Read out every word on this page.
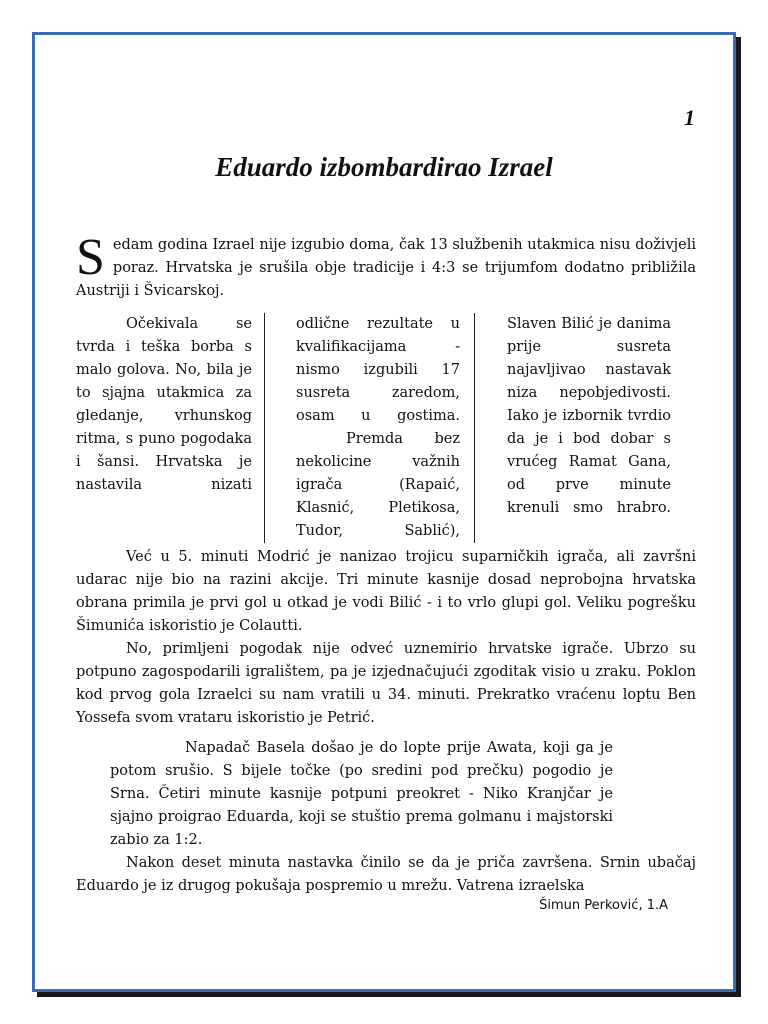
1
Eduardo izbombardirao Izrael
Sedam godina Izrael nije izgubio doma, čak 13 službenih utakmica nisu doživjeli poraz. Hrvatska je srušila obje tradicije i 4:3 se trijumfom dodatno približila Austriji i Švicarskoj.

Očekivala se tvrda i teška borba s malo golova. No, bila je to sjajna utakmica za gledanje, vrhunskog ritma, s puno pogodaka i šansi. Hrvatska je nastavila nizati

odlične rezultate u kvalifikacijama - nismo izgubili 17 susreta zaredom, osam u gostima.

Premda bez nekolicine važnih igrača (Rapaić, Klasnić, Pletikosa, Tudor, Sablić),

Slaven Bilić je danima prije susreta najavljivao nastavak niza nepobjedivosti. Iako je izbornik tvrdio da je i bod dobar s vrućeg Ramat Gana, od prve minute krenuli smo hrabro.

Već u 5. minuti Modrić je nanizao trojicu suparničkih igrača, ali završni udarac nije bio na razini akcije. Tri minute kasnije dosad neprobojna hrvatska obrana primila je prvi gol u otkad je vodi Bilić - i to vrlo glupi gol. Veliku pogrešku Šimunića iskoristio je Colautti.

No, primljeni pogodak nije odveć uznemirio hrvatske igrače. Ubrzo su potpuno zagospodarili igralištem, pa je izjednačujući zgoditak visio u zraku. Poklon kod prvog gola Izraelci su nam vratili u 34. minuti. Prekratko vraćenu loptu Ben Yossefa svom vrataru iskoristio je Petrić.

Napadač Basela došao je do lopte prije Awata, koji ga je potom srušio. S bijele točke (po sredini pod prečku) pogodio je Srna. Četiri minute kasnije potpuni preokret - Niko Kranjčar je sjajno proigrao Eduarda, koji se stuštio prema golmanu i majstorski zabio za 1:2.

Nakon deset minuta nastavka činilo se da je priča završena. Srnin ubačaj Eduardo je iz drugog pokušaja pospremio u mrežu. Vatrena izraelska

Šimun Perković, 1.A
